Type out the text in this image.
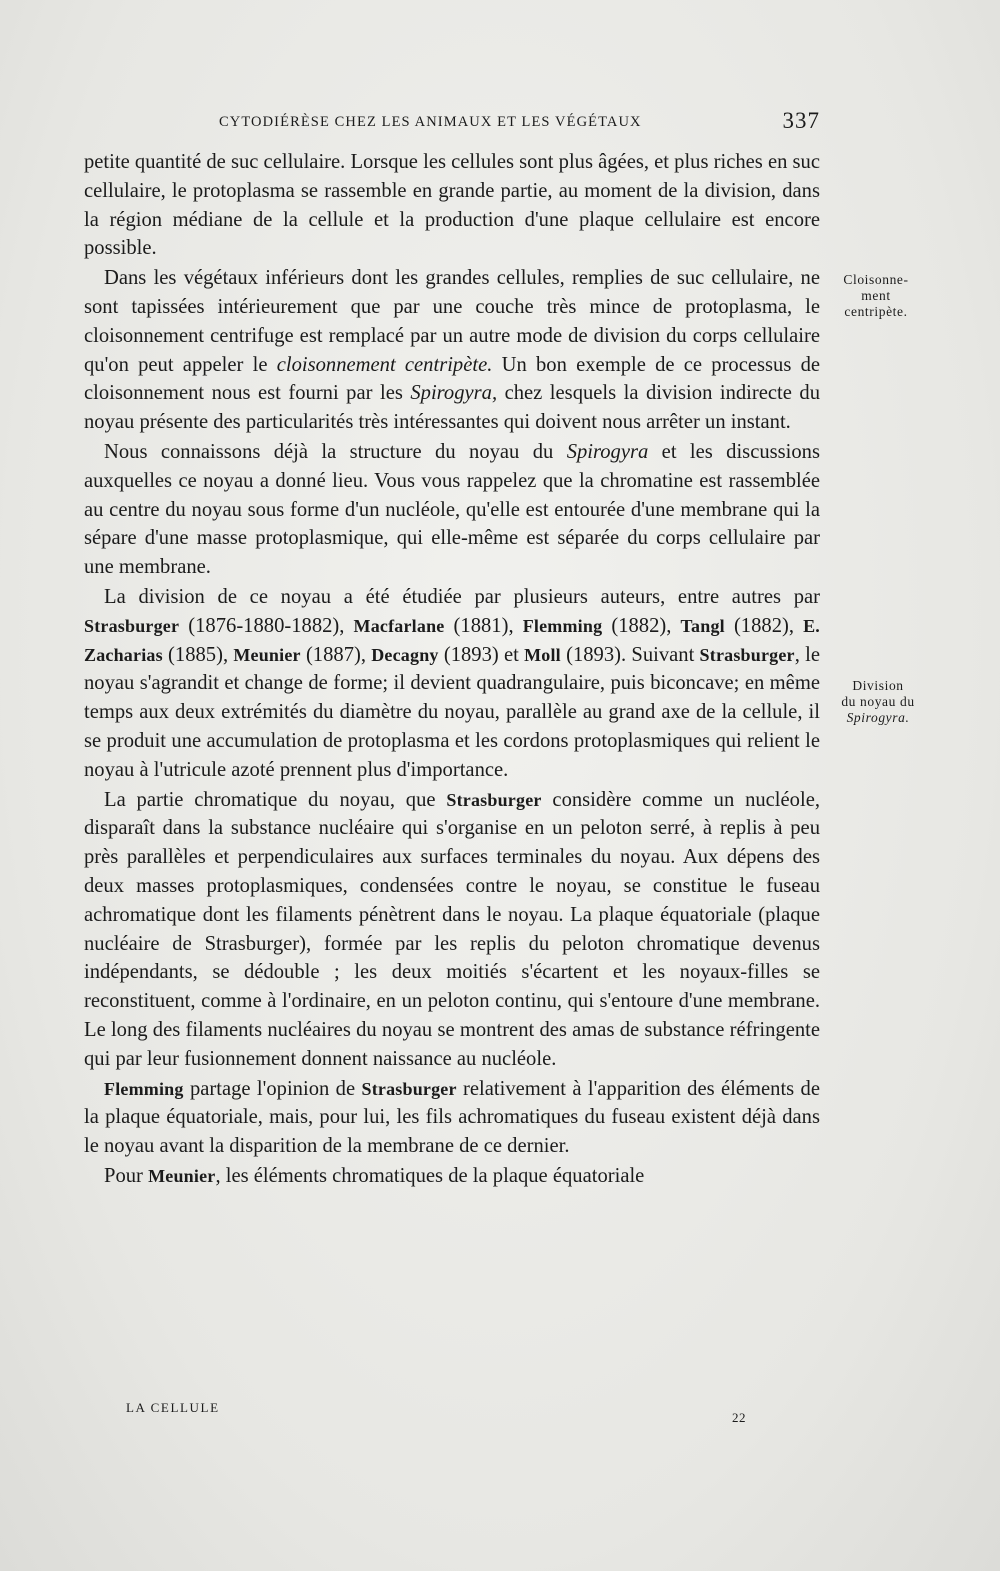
CYTODIÉRÈSE CHEZ LES ANIMAUX ET LES VÉGÉTAUX	337

petite quantité de suc cellulaire. Lorsque les cellules sont plus âgées, et plus riches en suc cellulaire, le protoplasma se rassemble en grande partie, au moment de la division, dans la région médiane de la cellule et la production d'une plaque cellulaire est encore possible.

Dans les végétaux inférieurs dont les grandes cellules, remplies de suc cellulaire, ne sont tapissées intérieurement que par une couche très mince de protoplasma, le cloisonnement centrifuge est remplacé par un autre mode de division du corps cellulaire qu'on peut appeler le cloisonnement centripète. Un bon exemple de ce processus de cloisonnement nous est fourni par les Spirogyra, chez lesquels la division indirecte du noyau présente des particularités très intéressantes qui doivent nous arrêter un instant.

Nous connaissons déjà la structure du noyau du Spirogyra et les discussions auxquelles ce noyau a donné lieu. Vous vous rappelez que la chromatine est rassemblée au centre du noyau sous forme d'un nucléole, qu'elle est entourée d'une membrane qui la sépare d'une masse protoplasmique, qui elle-même est séparée du corps cellulaire par une membrane.

La division de ce noyau a été étudiée par plusieurs auteurs, entre autres par Strasburger (1876-1880-1882), Macfarlane (1881), Flemming (1882), Tangl (1882), E. Zacharias (1885), Meunier (1887), Decagny (1893) et Moll (1893). Suivant Strasburger, le noyau s'agrandit et change de forme; il devient quadrangulaire, puis biconcave; en même temps aux deux extrémités du diamètre du noyau, parallèle au grand axe de la cellule, il se produit une accumulation de protoplasma et les cordons protoplasmiques qui relient le noyau à l'utricule azoté prennent plus d'importance.

La partie chromatique du noyau, que Strasburger considère comme un nucléole, disparaît dans la substance nucléaire qui s'organise en un peloton serré, à replis à peu près parallèles et perpendiculaires aux surfaces terminales du noyau. Aux dépens des deux masses protoplasmiques, condensées contre le noyau, se constitue le fuseau achromatique dont les filaments pénètrent dans le noyau. La plaque équatoriale (plaque nucléaire de Strasburger), formée par les replis du peloton chromatique devenus indépendants, se dédouble ; les deux moitiés s'écartent et les noyaux-filles se reconstituent, comme à l'ordinaire, en un peloton continu, qui s'entoure d'une membrane. Le long des filaments nucléaires du noyau se montrent des amas de substance réfringente qui par leur fusionnement donnent naissance au nucléole.

Flemming partage l'opinion de Strasburger relativement à l'apparition des éléments de la plaque équatoriale, mais, pour lui, les fils achromatiques du fuseau existent déjà dans le noyau avant la disparition de la membrane de ce dernier.

Pour Meunier, les éléments chromatiques de la plaque équatoriale

Cloisonne-
ment
centripète.
Division
du noyau du
Spirogyra.
LA CELLULE
22
